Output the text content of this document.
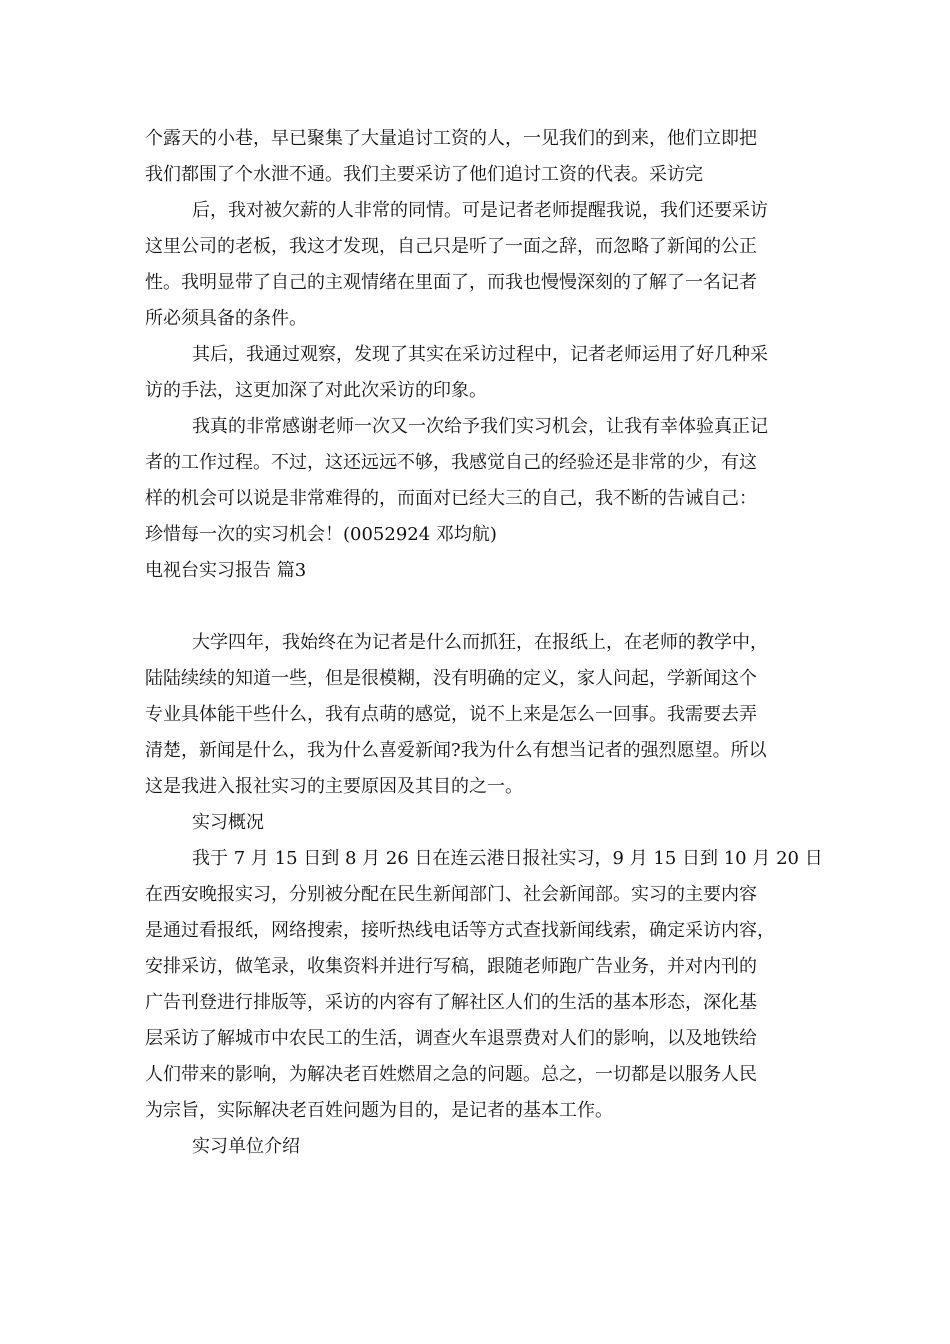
个露天的小巷，早已聚集了大量追讨工资的人，一见我们的到来，他们立即把
我们都围了个水泄不通。我们主要采访了他们追讨工资的代表。采访完
后，我对被欠薪的人非常的同情。可是记者老师提醒我说，我们还要采访
这里公司的老板，我这才发现，自己只是听了一面之辞，而忽略了新闻的公正
性。我明显带了自己的主观情绪在里面了，而我也慢慢深刻的了解了一名记者
所必须具备的条件。
其后，我通过观察，发现了其实在采访过程中，记者老师运用了好几种采
访的手法，这更加深了对此次采访的印象。
我真的非常感谢老师一次又一次给予我们实习机会，让我有幸体验真正记
者的工作过程。不过，这还远远不够，我感觉自己的经验还是非常的少，有这
样的机会可以说是非常难得的，而面对已经大三的自己，我不断的告诫自己：
珍惜每一次的实习机会！(0052924 邓均航)
电视台实习报告 篇3
大学四年，我始终在为记者是什么而抓狂，在报纸上，在老师的教学中，
陆陆续续的知道一些，但是很模糊，没有明确的定义，家人问起，学新闻这个
专业具体能干些什么，我有点萌的感觉，说不上来是怎么一回事。我需要去弄
清楚，新闻是什么，我为什么喜爱新闻?我为什么有想当记者的强烈愿望。所以
这是我进入报社实习的主要原因及其目的之一。
实习概况
我于 7 月 15 日到 8 月 26 日在连云港日报社实习，9 月 15 日到 10 月 20 日
在西安晚报实习，分别被分配在民生新闻部门、社会新闻部。实习的主要内容
是通过看报纸，网络搜索，接听热线电话等方式查找新闻线索，确定采访内容，
安排采访，做笔录，收集资料并进行写稿，跟随老师跑广告业务，并对内刊的
广告刊登进行排版等，采访的内容有了解社区人们的生活的基本形态，深化基
层采访了解城市中农民工的生活，调查火车退票费对人们的影响，以及地铁给
人们带来的影响，为解决老百姓燃眉之急的问题。总之，一切都是以服务人民
为宗旨，实际解决老百姓问题为目的，是记者的基本工作。
实习单位介绍
